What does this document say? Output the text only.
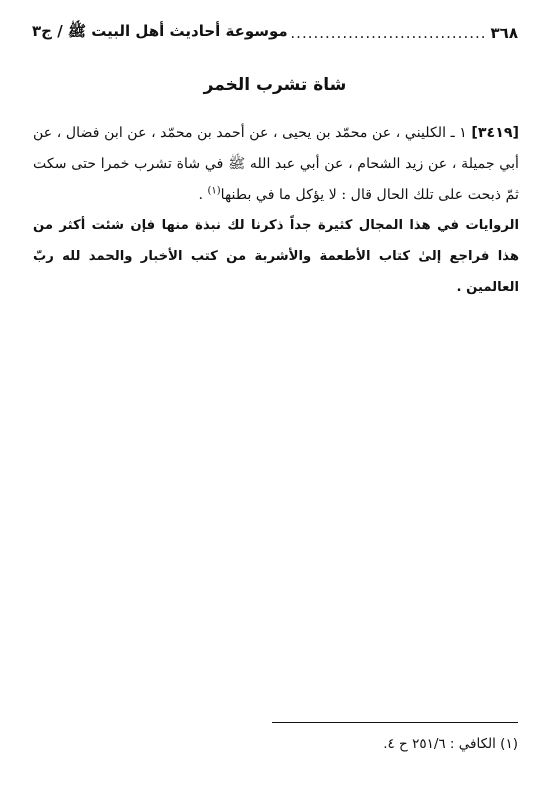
٣٦٨
.....
موسوعة أحاديث أهل البيت ﷺ / ج٣
شاة تشرب الخمر

[٣٤١٩] ١ ـ الكليني ، عن محمّد بن يحيى ، عن أحمد بن محمّد ، عن ابن فضال ، عن أبي جميلة ، عن زيد الشحام ، عن أبي عبد الله ﷺ في شاة تشرب خمرا حتى سكت ثمّ ذبحت على تلك الحال قال : لا يؤكل ما في بطنها$^{(١)}$ .

الروايات في هذا المجال كثيرة جداً ذكرنا لك نبذة منها فإن شئت أكثر من هذا فراجع إلىٰ كتاب الأطعمة والأشربة من كتب الأخبار والحمد لله ربّ العالمين .

(١) الكافي : ٢٥١/٦ ح ٤.
